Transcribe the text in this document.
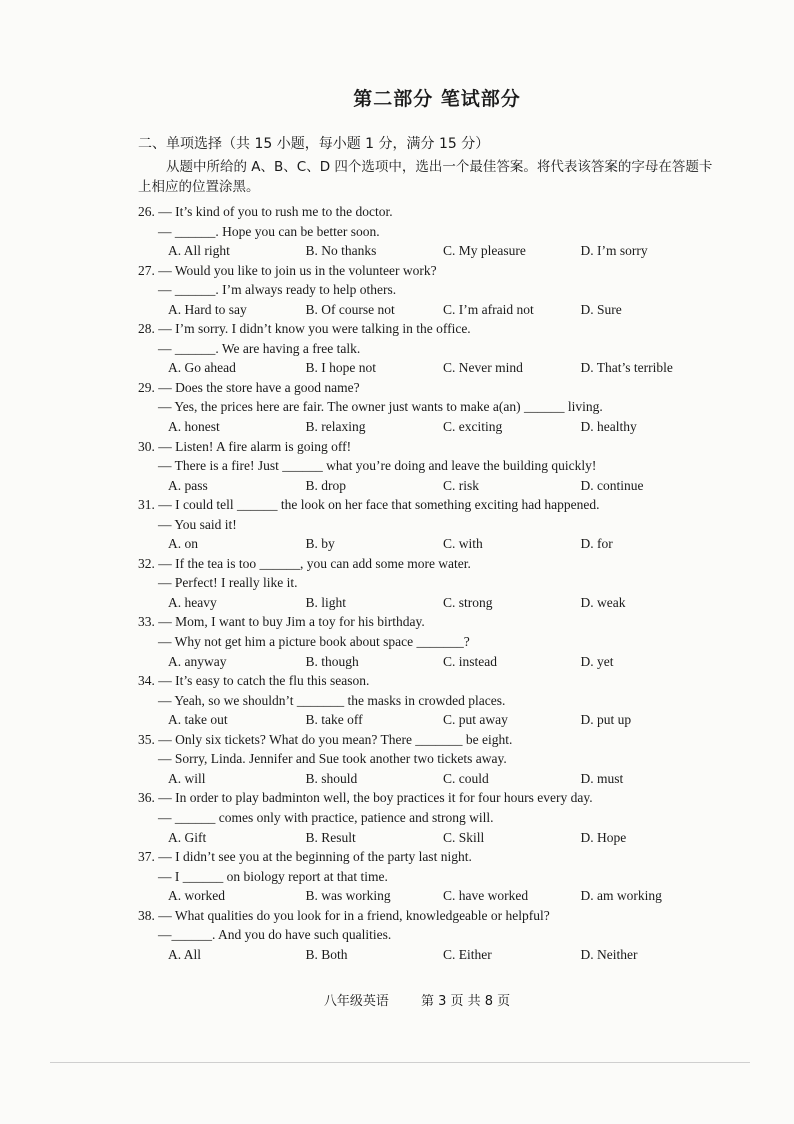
第二部分 笔试部分
二、单项选择（共 15 小题，每小题 1 分，满分 15 分）
从题中所给的 A、B、C、D 四个选项中，选出一个最佳答案。将代表该答案的字母在答题卡上相应的位置涂黑。
26. — It’s kind of you to rush me to the doctor.
— ______. Hope you can be better soon.
A. All right	B. No thanks	C. My pleasure	D. I’m sorry
27. — Would you like to join us in the volunteer work?
— ______. I’m always ready to help others.
A. Hard to say	B. Of course not	C. I’m afraid not	D. Sure
28. — I’m sorry. I didn’t know you were talking in the office.
— ______. We are having a free talk.
A. Go ahead	B. I hope not	C. Never mind	D. That’s terrible
29. — Does the store have a good name?
— Yes, the prices here are fair. The owner just wants to make a(an) ______ living.
A. honest	B. relaxing	C. exciting	D. healthy
30. — Listen! A fire alarm is going off!
— There is a fire! Just ______ what you’re doing and leave the building quickly!
A. pass	B. drop	C. risk	D. continue
31. — I could tell ______ the look on her face that something exciting had happened.
— You said it!
A. on	B. by	C. with	D. for
32. — If the tea is too ______, you can add some more water.
— Perfect! I really like it.
A. heavy	B. light	C. strong	D. weak
33. — Mom, I want to buy Jim a toy for his birthday.
— Why not get him a picture book about space _______?
A. anyway	B. though	C. instead	D. yet
34. — It’s easy to catch the flu this season.
— Yeah, so we shouldn’t _______ the masks in crowded places.
A. take out	B. take off	C. put away	D. put up
35. — Only six tickets? What do you mean? There _______ be eight.
— Sorry, Linda. Jennifer and Sue took another two tickets away.
A. will	B. should	C. could	D. must
36. — In order to play badminton well, the boy practices it for four hours every day.
— ______ comes only with practice, patience and strong will.
A. Gift	B. Result	C. Skill	D. Hope
37. — I didn’t see you at the beginning of the party last night.
— I ______ on biology report at that time.
A. worked	B. was working	C. have worked	D. am working
38. — What qualities do you look for in a friend, knowledgeable or helpful?
—______. And you do have such qualities.
A. All	B. Both	C. Either	D. Neither
八年级英语 第 3 页 共 8 页
